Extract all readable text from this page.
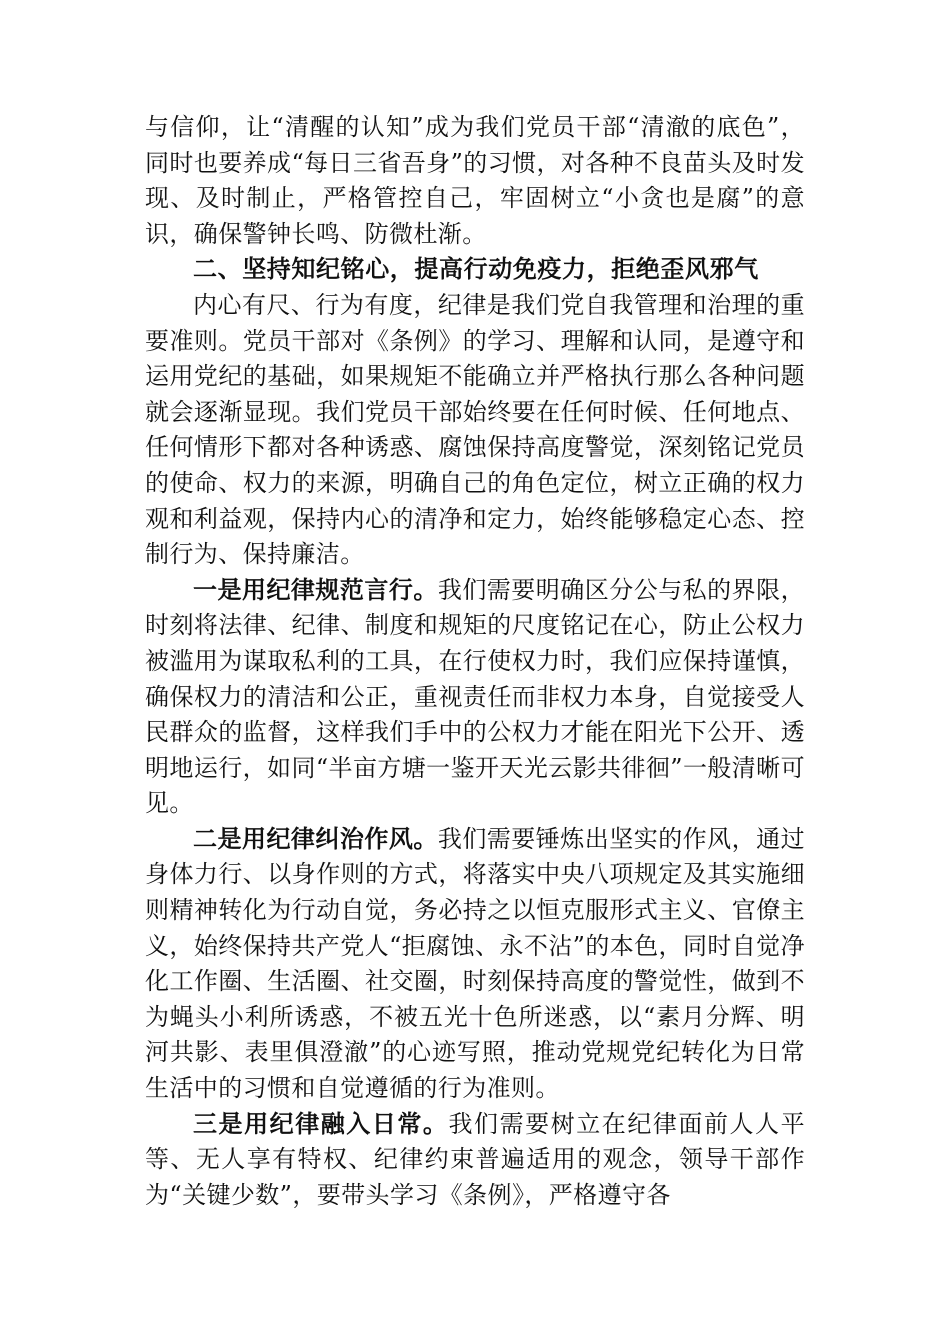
与信仰，让“清醒的认知”成为我们党员干部“清澈的底色”，同时也要养成“每日三省吾身”的习惯，对各种不良苗头及时发现、及时制止，严格管控自己，牢固树立“小贪也是腐”的意识，确保警钟长鸣、防微杜渐。

二、坚持知纪铭心，提高行动免疫力，拒绝歪风邪气

内心有尺、行为有度，纪律是我们党自我管理和治理的重要准则。党员干部对《条例》的学习、理解和认同，是遵守和运用党纪的基础，如果规矩不能确立并严格执行那么各种问题就会逐渐显现。我们党员干部始终要在任何时候、任何地点、任何情形下都对各种诱惑、腐蚀保持高度警觉，深刻铭记党员的使命、权力的来源，明确自己的角色定位，树立正确的权力观和利益观，保持内心的清净和定力，始终能够稳定心态、控制行为、保持廉洁。

一是用纪律规范言行。我们需要明确区分公与私的界限，时刻将法律、纪律、制度和规矩的尺度铭记在心，防止公权力被滥用为谋取私利的工具，在行使权力时，我们应保持谨慎，确保权力的清洁和公正，重视责任而非权力本身，自觉接受人民群众的监督，这样我们手中的公权力才能在阳光下公开、透明地运行，如同“半亩方塘一鉴开天光云影共徘徊”一般清晰可见。

二是用纪律纠治作风。我们需要锤炼出坚实的作风，通过身体力行、以身作则的方式，将落实中央八项规定及其实施细则精神转化为行动自觉，务必持之以恒克服形式主义、官僚主义，始终保持共产党人“拒腐蚀、永不沾”的本色，同时自觉净化工作圈、生活圈、社交圈，时刻保持高度的警觉性，做到不为蝇头小利所诱惑，不被五光十色所迷惑，以“素月分辉、明河共影、表里俱澄澈”的心迹写照，推动党规党纪转化为日常生活中的习惯和自觉遵循的行为准则。

三是用纪律融入日常。我们需要树立在纪律面前人人平等、无人享有特权、纪律约束普遍适用的观念，领导干部作为“关键少数”，要带头学习《条例》，严格遵守各
